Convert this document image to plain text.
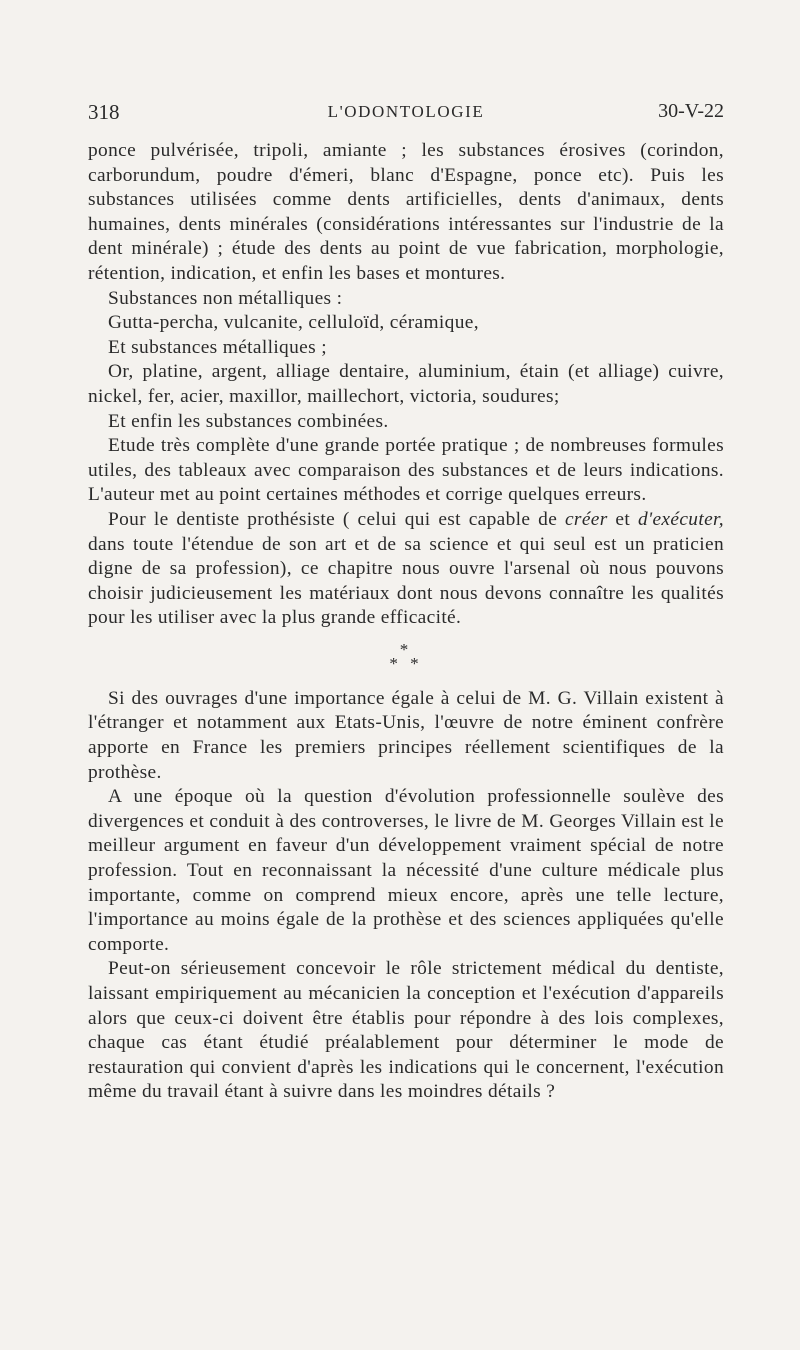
318	L'ODONTOLOGIE	30-V-22

ponce pulvérisée, tripoli, amiante ; les substances érosives (corindon, carborundum, poudre d'émeri, blanc d'Espagne, ponce etc). Puis les substances utilisées comme dents artificielles, dents d'animaux, dents humaines, dents minérales (considérations intéressantes sur l'industrie de la dent minérale) ; étude des dents au point de vue fabrication, morphologie, rétention, indication, et enfin les bases et montures.

Substances non métalliques :

Gutta-percha, vulcanite, celluloïd, céramique,

Et substances métalliques ;

Or, platine, argent, alliage dentaire, aluminium, étain (et alliage) cuivre, nickel, fer, acier, maxillor, maillechort, victoria, soudures;

Et enfin les substances combinées.

Etude très complète d'une grande portée pratique ; de nombreuses formules utiles, des tableaux avec comparaison des substances et de leurs indications. L'auteur met au point certaines méthodes et corrige quelques erreurs.

Pour le dentiste prothésiste ( celui qui est capable de créer et d'exécuter, dans toute l'étendue de son art et de sa science et qui seul est un praticien digne de sa profession), ce chapitre nous ouvre l'arsenal où nous pouvons choisir judicieusement les matériaux dont nous devons connaître les qualités pour les utiliser avec la plus grande efficacité.

*
* *

Si des ouvrages d'une importance égale à celui de M. G. Villain existent à l'étranger et notamment aux Etats-Unis, l'œuvre de notre éminent confrère apporte en France les premiers principes réellement scientifiques de la prothèse.

A une époque où la question d'évolution professionnelle soulève des divergences et conduit à des controverses, le livre de M. Georges Villain est le meilleur argument en faveur d'un développement vraiment spécial de notre profession. Tout en reconnaissant la nécessité d'une culture médicale plus importante, comme on comprend mieux encore, après une telle lecture, l'importance au moins égale de la prothèse et des sciences appliquées qu'elle comporte.

Peut-on sérieusement concevoir le rôle strictement médical du dentiste, laissant empiriquement au mécanicien la conception et l'exécution d'appareils alors que ceux-ci doivent être établis pour répondre à des lois complexes, chaque cas étant étudié préalablement pour déterminer le mode de restauration qui convient d'après les indications qui le concernent, l'exécution même du travail étant à suivre dans les moindres détails ?
